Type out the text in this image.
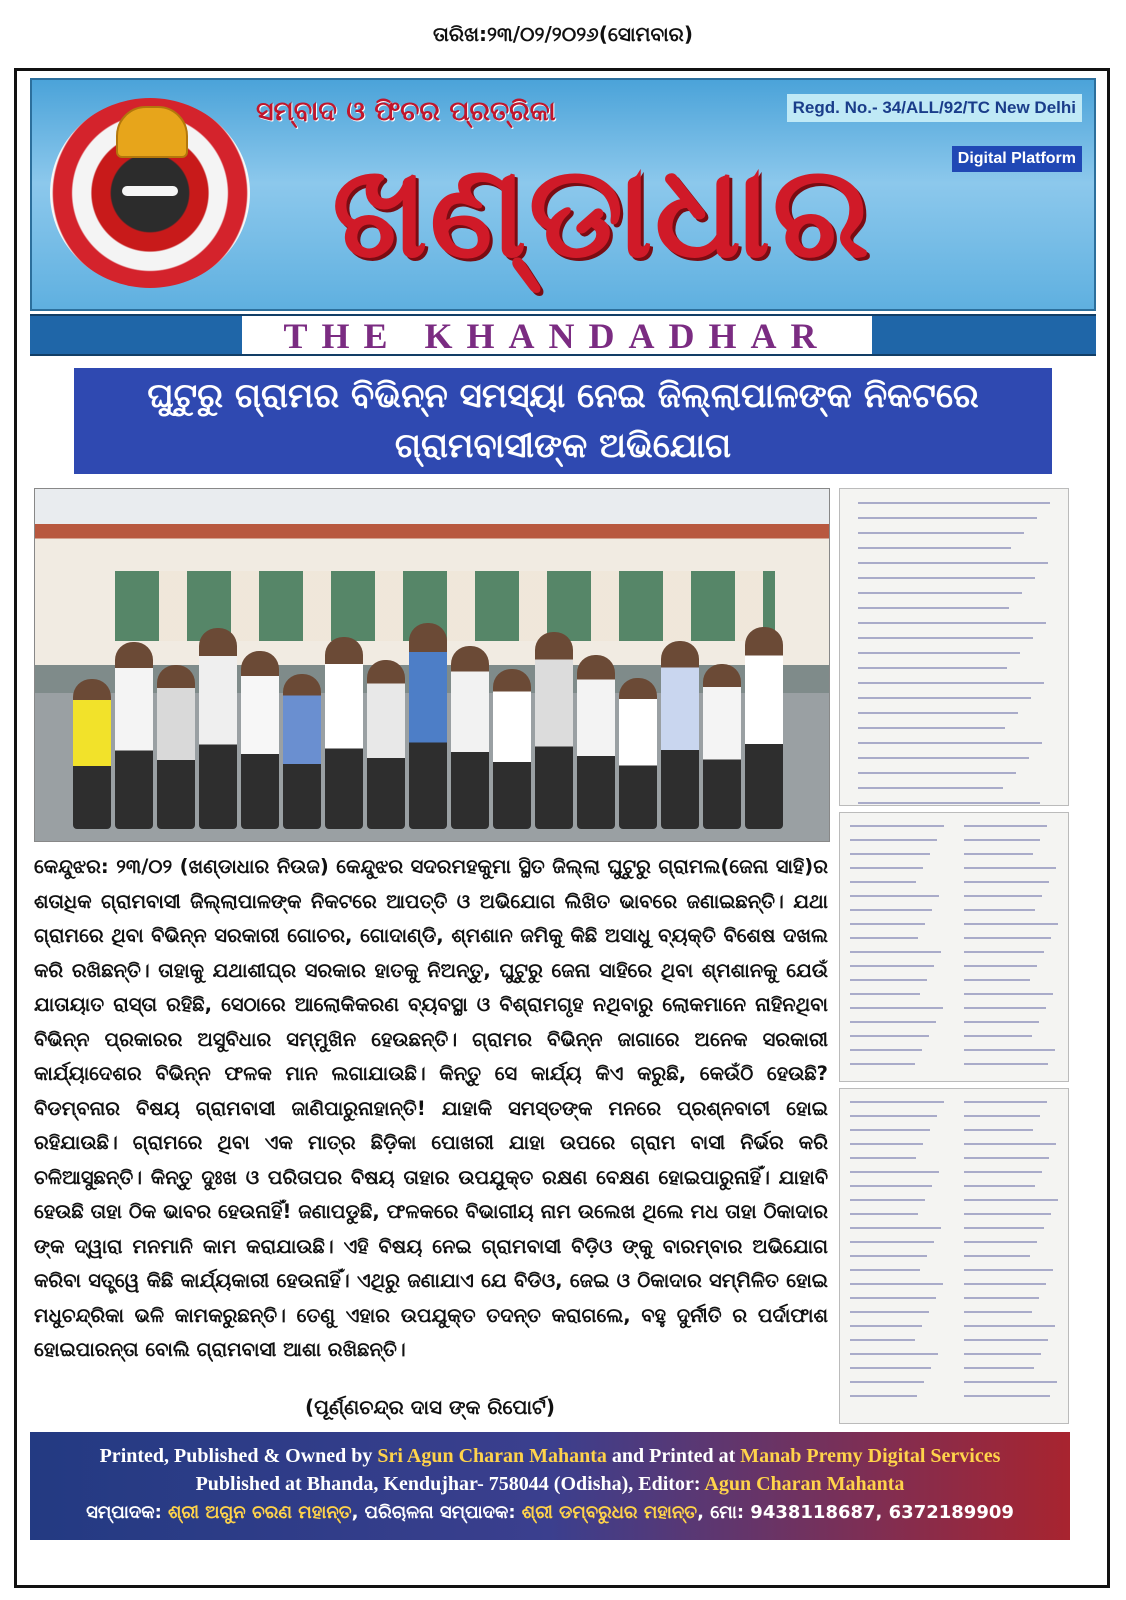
ତାରିଖ:୨୩/୦୨/୨୦୨୬(ସୋମବାର)
ସମ୍ବାଦ ଓ ଫିଚର ପ୍ରତ୍ରିକା	Regd. No.- 34/ALL/92/TC New Delhi
Digital Platform
ଖଣ୍ଡାଧାର
THE KHANDADHAR
ଘୁଟୁରୁ ଗ୍ରାମର ବିଭିନ୍ନ ସମସ୍ୟା ନେଇ ଜିଲ୍ଲାପାଳଙ୍କ ନିକଟରେ
ଗ୍ରାମବାସୀଙ୍କ ଅଭିଯୋଗ
କେନ୍ଦୁଝର: ୨୩/୦୨ (ଖଣ୍ଡାଧାର ନିଉଜ) କେନ୍ଦୁଝର ସଦରମହକୁମା ସ୍ଥିତ ଜିଲ୍ଲା ଘୁଟୁରୁ ଗ୍ରାମଲ(ଜେନା ସାହି)ର ଶତାଧିକ ଗ୍ରାମବାସୀ ଜିଲ୍ଲାପାଳଙ୍କ ନିକଟରେ ଆପତ୍ତି ଓ ଅଭିଯୋଗ ଲିଖିତ ଭାବରେ ଜଣାଇଛନ୍ତି। ଯଥା ଗ୍ରାମରେ ଥିବା ବିଭିନ୍ନ ସରକାରୀ ଗୋଚର, ଗୋଦାଣ୍ଡି, ଶ୍ମଶାନ ଜମିକୁ କିଛି ଅସାଧୁ ବ୍ୟକ୍ତି ବିଶେଷ ଦଖଲ କରି ରଖିଛନ୍ତି। ତାହାକୁ ଯଥାଶୀଘ୍ର ସରକାର ହାତକୁ ନିଅନ୍ତୁ, ଘୁଟୁରୁ ଜେନା ସାହିରେ ଥିବା ଶ୍ମଶାନକୁ ଯେଉଁ ଯାତାୟାତ ରାସ୍ତା ରହିଛି, ସେଠାରେ ଆଲୋକିକରଣ ବ୍ୟବସ୍ଥା ଓ ବିଶ୍ରାମଗୃହ ନଥିବାରୁ ଲୋକମାନେ ନାହିନଥିବା ବିଭିନ୍ନ ପ୍ରକାରର ଅସୁବିଧାର ସମ୍ମୁଖିନ ହେଉଛନ୍ତି। ଗ୍ରାମର ବିଭିନ୍ନ ଜାଗାରେ ଅନେକ ସରକାରୀ କାର୍ଯ୍ୟାଦେଶର ବିଭିନ୍ନ ଫଳକ ମାନ ଲଗାଯାଉଛି। କିନ୍ତୁ ସେ କାର୍ଯ୍ୟ କିଏ କରୁଛି, କେଉଁଠି ହେଉଛି? ବିଡମ୍ବନାର ବିଷୟ ଗ୍ରାମବାସୀ ଜାଣିପାରୁନାହାନ୍ତି! ଯାହାକି ସମସ୍ତଙ୍କ ମନରେ ପ୍ରଶ୍ନବାଚୀ ହୋଇ ରହିଯାଉଛି। ଗ୍ରାମରେ ଥିବା ଏକ ମାତ୍ର ଛିଡ଼ିକା ପୋଖରୀ ଯାହା ଉପରେ ଗ୍ରାମ ବାସୀ ନିର୍ଭର କରି ଚଳିଆସୁଛନ୍ତି। କିନ୍ତୁ ଦୁଃଖ ଓ ପରିତାପର ବିଷୟ ତାହାର ଉପଯୁକ୍ତ ରକ୍ଷଣ ବେକ୍ଷଣ ହୋଇପାରୁନାହିଁ। ଯାହାବି ହେଉଛି ତାହା ଠିକ ଭାବର ହେଉନାହିଁ! ଜଣାପଡୁଛି, ଫଳକରେ ବିଭାଗୀୟ ନାମ ଉଲେଖ ଥିଲେ ମଧ ତାହା ଠିକାଦାର ଙ୍କ ଦ୍ୱାରା ମନମାନି କାମ କରାଯାଉଛି। ଏହି ବିଷୟ ନେଇ ଗ୍ରାମବାସୀ ବିଡ଼ିଓ ଙ୍କୁ ବାରମ୍ବାର ଅଭିଯୋଗ କରିବା ସତ୍ତ୍ୱେ କିଛି କାର୍ଯ୍ୟକାରୀ ହେଉନାହିଁ। ଏଥିରୁ ଜଣାଯାଏ ଯେ ବିଡିଓ, ଜେଇ ଓ ଠିକାଦାର ସମ୍ମିଳିତ ହୋଇ ମଧୁଚନ୍ଦ୍ରିକା ଭଳି କାମକରୁଛନ୍ତି। ତେଣୁ ଏହାର ଉପଯୁକ୍ତ ତଦନ୍ତ କରାଗଲେ, ବହୁ ଦୁର୍ନୀତି ର ପର୍ଦାଫାଶ ହୋଇପାରନ୍ତା ବୋଲି ଗ୍ରାମବାସୀ ଆଶା ରଖିଛନ୍ତି।
(ପୂର୍ଣ୍ଣଚନ୍ଦ୍ର ଦାସ ଙ୍କ ରିପୋର୍ଟ)
Printed, Published & Owned by Sri Agun Charan Mahanta and Printed at Manab Premy Digital Services
Published at Bhanda, Kendujhar- 758044 (Odisha), Editor: Agun Charan Mahanta
ସମ୍ପାଦକ: ଶ୍ରୀ ଅଗୁନ ଚରଣ ମହାନ୍ତ, ପରିଚାଳନା ସମ୍ପାଦକ: ଶ୍ରୀ ଡମ୍ବରୁଧର ମହାନ୍ତ, ମୋ: 9438118687, 6372189909
